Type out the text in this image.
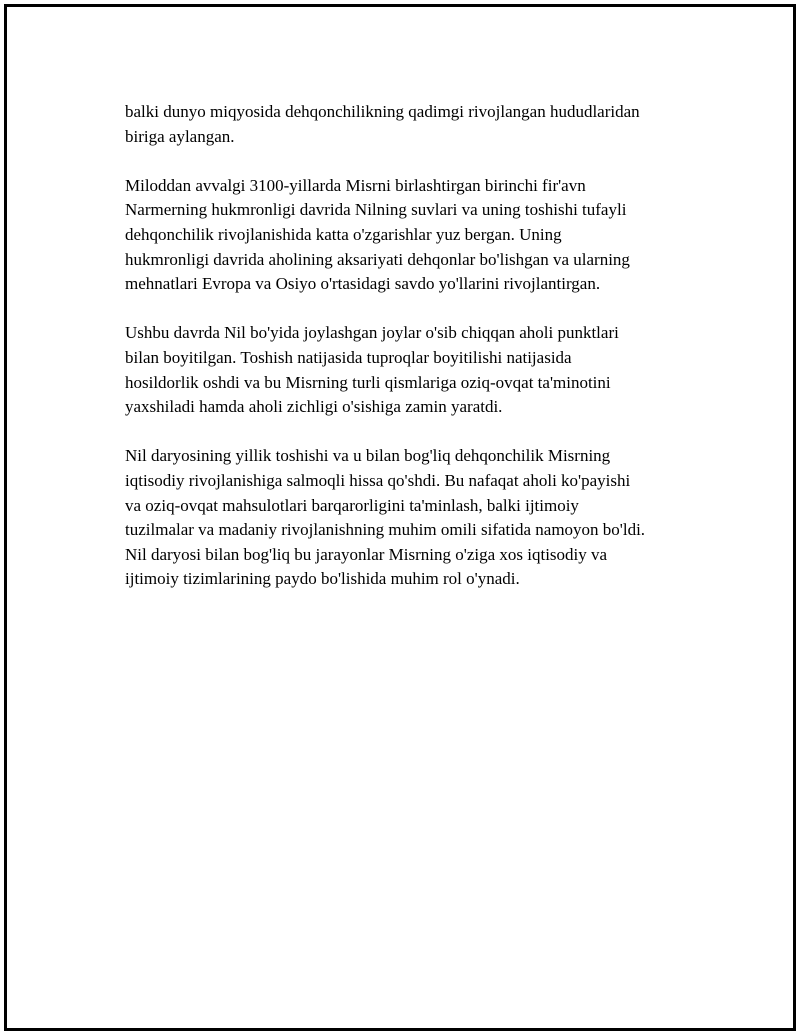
balki dunyo miqyosida dehqonchilikning qadimgi rivojlangan hududlaridan
biriga aylangan.

Miloddan avvalgi 3100-yillarda Misrni birlashtirgan birinchi fir'avn
Narmerning hukmronligi davrida Nilning suvlari va uning toshishi tufayli
dehqonchilik rivojlanishida katta o'zgarishlar yuz bergan. Uning
hukmronligi davrida aholining aksariyati dehqonlar bo'lishgan va ularning
mehnatlari Evropa va Osiyo o'rtasidagi savdo yo'llarini rivojlantirgan.

Ushbu davrda Nil bo'yida joylashgan joylar o'sib chiqqan aholi punktlari
bilan boyitilgan. Toshish natijasida tuproqlar boyitilishi natijasida
hosildorlik oshdi va bu Misrning turli qismlariga oziq-ovqat ta'minotini
yaxshiladi hamda aholi zichligi o'sishiga zamin yaratdi.

Nil daryosining yillik toshishi va u bilan bog'liq dehqonchilik Misrning
iqtisodiy rivojlanishiga salmoqli hissa qo'shdi. Bu nafaqat aholi ko'payishi
va oziq-ovqat mahsulotlari barqarorligini ta'minlash, balki ijtimoiy
tuzilmalar va madaniy rivojlanishning muhim omili sifatida namoyon bo'ldi.
Nil daryosi bilan bog'liq bu jarayonlar Misrning o'ziga xos iqtisodiy va
ijtimoiy tizimlarining paydo bo'lishida muhim rol o'ynadi.
